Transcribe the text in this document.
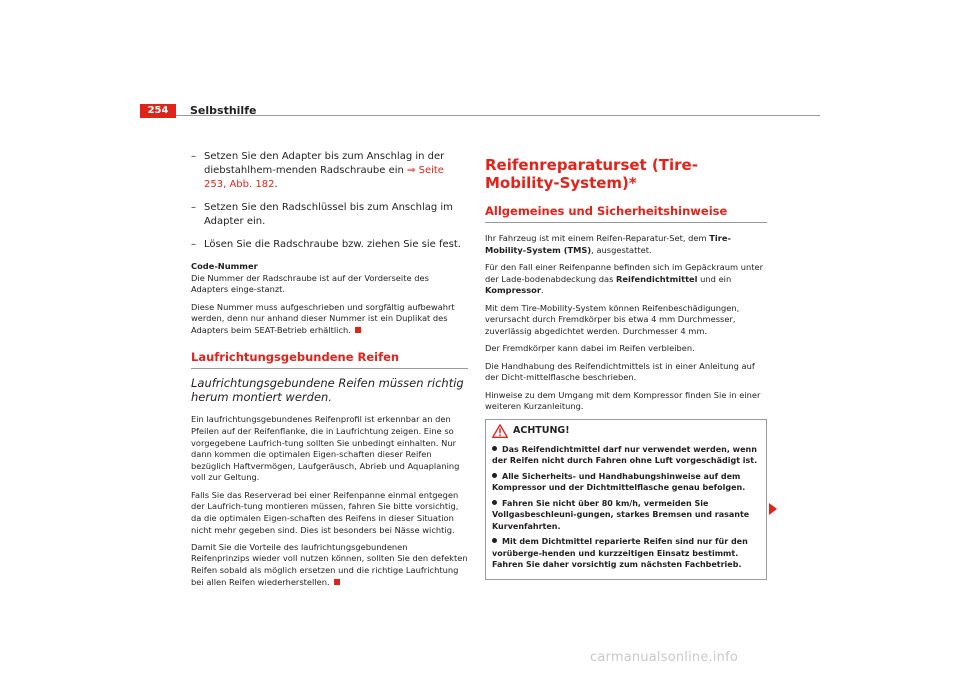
254	Selbsthilfe
– Setzen Sie den Adapter bis zum Anschlag in der diebstahlhem-menden Radschraube ein ⇒ Seite 253, Abb. 182.
– Setzen Sie den Radschlüssel bis zum Anschlag im Adapter ein.
– Lösen Sie die Radschraube bzw. ziehen Sie sie fest.
Code-Nummer

Die Nummer der Radschraube ist auf der Vorderseite des Adapters einge-stanzt.

Diese Nummer muss aufgeschrieben und sorgfältig aufbewahrt werden, denn nur anhand dieser Nummer ist ein Duplikat des Adapters beim SEAT-Betrieb erhältlich.

Laufrichtungsgebundene Reifen
Laufrichtungsgebundene Reifen müssen richtig herum montiert werden.

Ein laufrichtungsgebundenes Reifenprofil ist erkennbar an den Pfeilen auf der Reifenflanke, die in Laufrichtung zeigen. Eine so vorgegebene Laufrich-tung sollten Sie unbedingt einhalten. Nur dann kommen die optimalen Eigen-schaften dieser Reifen bezüglich Haftvermögen, Laufgeräusch, Abrieb und Aquaplaning voll zur Geltung.

Falls Sie das Reserverad bei einer Reifenpanne einmal entgegen der Laufrich-tung montieren müssen, fahren Sie bitte vorsichtig, da die optimalen Eigen-schaften des Reifens in dieser Situation nicht mehr gegeben sind. Dies ist besonders bei Nässe wichtig.

Damit Sie die Vorteile des laufrichtungsgebundenen Reifenprinzips wieder voll nutzen können, sollten Sie den defekten Reifen sobald als möglich ersetzen und die richtige Laufrichtung bei allen Reifen wiederherstellen.

Reifenreparaturset (Tire-Mobility-System)*
Allgemeines und Sicherheitshinweise

Ihr Fahrzeug ist mit einem Reifen-Reparatur-Set, dem Tire-Mobility-System (TMS), ausgestattet.

Für den Fall einer Reifenpanne befinden sich im Gepäckraum unter der Lade-bodenabdeckung das Reifendichtmittel und ein Kompressor.

Mit dem Tire-Mobility-System können Reifenbeschädigungen, verursacht durch Fremdkörper bis etwa 4 mm Durchmesser, zuverlässig abgedichtet werden. Durchmesser 4 mm.

Der Fremdkörper kann dabei im Reifen verbleiben.

Die Handhabung des Reifendichtmittels ist in einer Anleitung auf der Dicht-mittelflasche beschrieben.

Hinweise zu dem Umgang mit dem Kompressor finden Sie in einer weiteren Kurzanleitung.

ACHTUNG!
Das Reifendichtmittel darf nur verwendet werden, wenn der Reifen nicht durch Fahren ohne Luft vorgeschädigt ist.
Alle Sicherheits- und Handhabungshinweise auf dem Kompressor und der Dichtmittelflasche genau befolgen.
Fahren Sie nicht über 80 km/h, vermeiden Sie Vollgasbeschleuni-gungen, starkes Bremsen und rasante Kurvenfahrten.
Mit dem Dichtmittel reparierte Reifen sind nur für den vorüberge-henden und kurzzeitigen Einsatz bestimmt. Fahren Sie daher vorsichtig zum nächsten Fachbetrieb.
carmanualsonline.info
